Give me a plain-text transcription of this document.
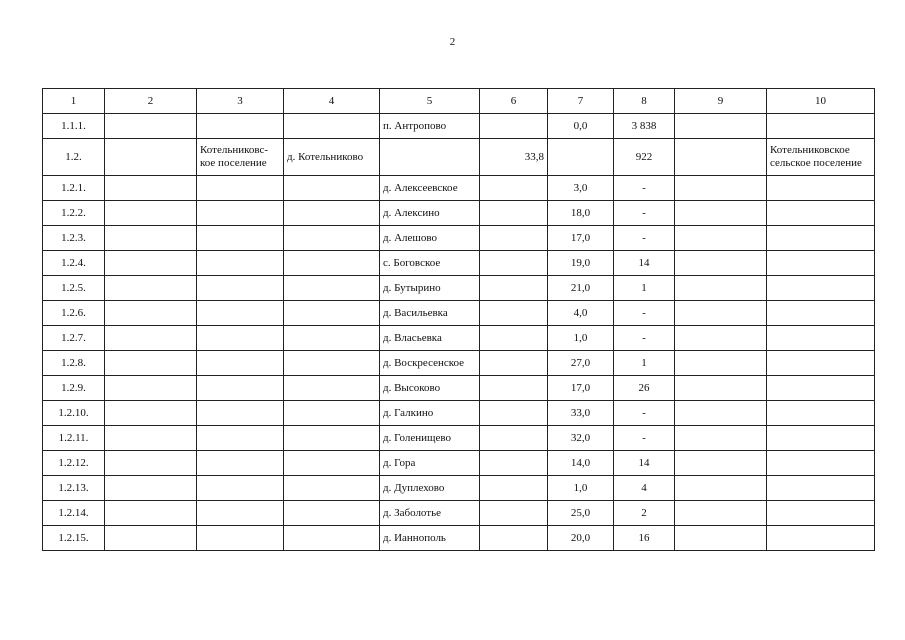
2
1	2	3	4	5	6	7	8	9	10
1.1.1.				п. Антропово		0,0	3 838		
1.2.		Котельниковс-кое поселение	д. Котельниково		33,8		922		Котельниковское сельское поселение
1.2.1.				д. Алексеевское		3,0	-		
1.2.2.				д. Алексино		18,0	-		
1.2.3.				д. Алешово		17,0	-		
1.2.4.				с. Боговское		19,0	14		
1.2.5.				д. Бутырино		21,0	1		
1.2.6.				д. Васильевка		4,0	-		
1.2.7.				д. Власьевка		1,0	-		
1.2.8.				д. Воскресенское		27,0	1		
1.2.9.				д. Высоково		17,0	26		
1.2.10.				д. Галкино		33,0	-		
1.2.11.				д. Голенищево		32,0	-		
1.2.12.				д. Гора		14,0	14		
1.2.13.				д. Дуплехово		1,0	4		
1.2.14.				д. Заболотье		25,0	2		
1.2.15.				д. Ианнополь		20,0	16		
